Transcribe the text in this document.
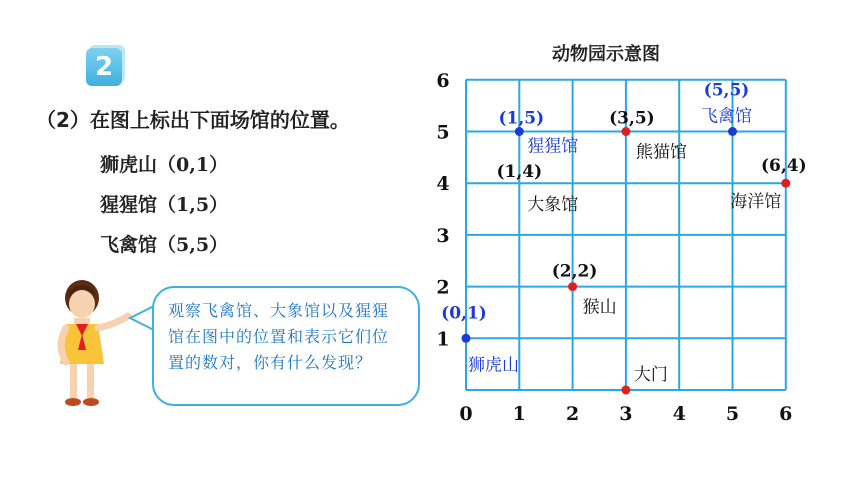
2
（2）在图上标出下面场馆的位置。
狮虎山（0,1）
猩猩馆（1,5）
飞禽馆（5,5）
观察飞禽馆、大象馆以及猩猩馆在图中的位置和表示它们位置的数对，你有什么发现？
动物园示意图
0 1 2 3 4 5 6
1
2
3
4
5
6
(0,1)
狮虎山
(1,5)
猩猩馆
(5,5)
飞禽馆
(3,5)
熊猫馆
(1,4)
大象馆
(6,4)
海洋馆
(2,2)
猴山
大门
